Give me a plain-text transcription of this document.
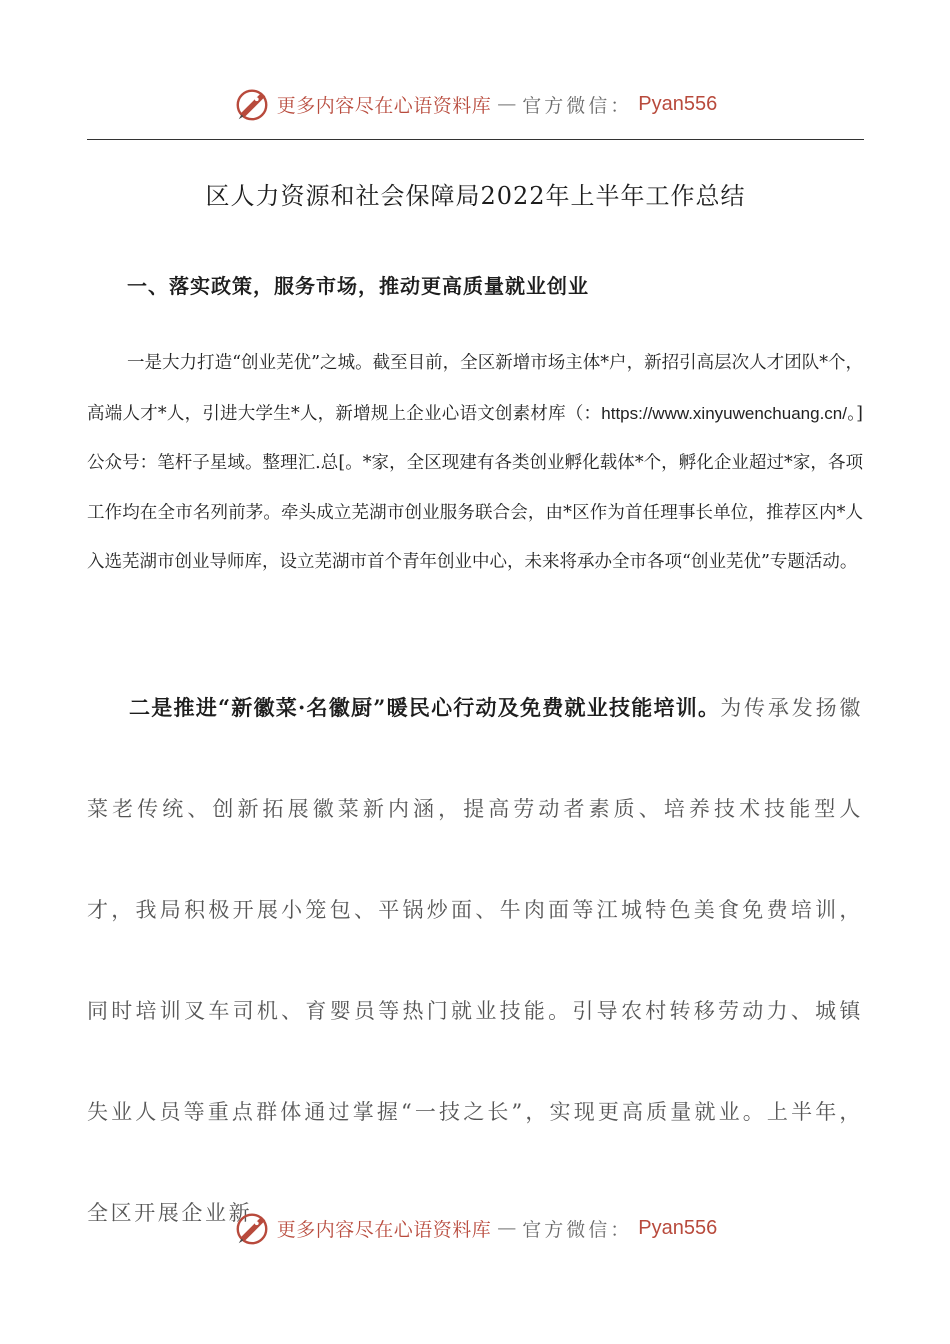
更多内容尽在心语资料库 — 官方微信： Pyan556
区人力资源和社会保障局2022年上半年工作总结
一、落实政策，服务市场，推动更高质量就业创业

一是大力打造“创业芜优”之城。截至目前，全区新增市场主体*户，新招引高层次人才团队*个，高端人才*人，引进大学生*人，新增规上企业心语文创素材库（：https://www.xinyuwenchuang.cn/。]公众号：笔杆子星域。整理汇.总[。*家，全区现建有各类创业孵化载体*个，孵化企业超过*家，各项工作均在全市名列前茅。牵头成立芜湖市创业服务联合会，由*区作为首任理事长单位，推荐区内*人入选芜湖市创业导师库，设立芜湖市首个青年创业中心，未来将承办全市各项“创业芜优”专题活动。

二是推进“新徽菜·名徽厨”暖民心行动及免费就业技能培训。为传承发扬徽菜老传统、创新拓展徽菜新内涵，提高劳动者素质、培养技术技能型人才，我局积极开展小笼包、平锅炒面、牛肉面等江城特色美食免费培训，同时培训叉车司机、育婴员等热门就业技能。引导农村转移劳动力、城镇失业人员等重点群体通过掌握“一技之长”，实现更高质量就业。上半年，全区开展企业新

更多内容尽在心语资料库 — 官方微信： Pyan556
